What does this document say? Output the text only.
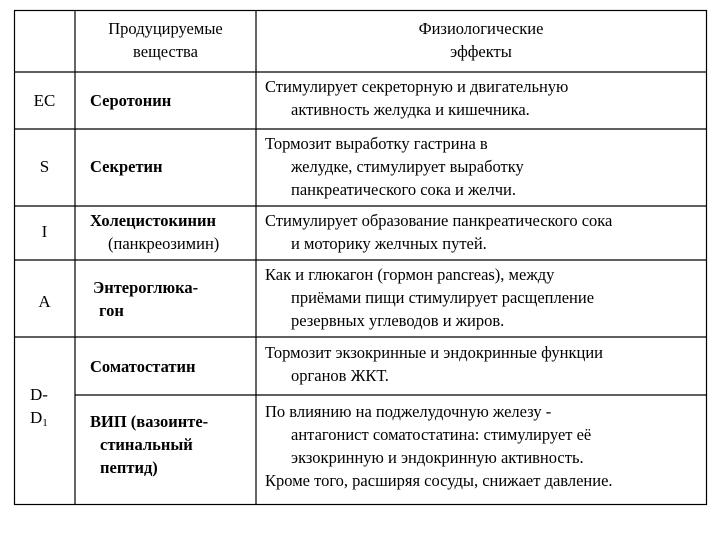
Продуцируемые
вещества
Физиологические
эффекты
EC	Серотонин
Стимулирует секреторную и двигательную
активность желудка и кишечника.
S	Секретин
Тормозит выработку гастрина в
желудке, стимулирует выработку
панкреатического сока и желчи.
I
Холецистокинин
(панкреозимин)
Стимулирует образование панкреатического сока
и моторику желчных путей.
A
Энтероглюка-
гон
Как и глюкагон (гормон pancreas), между
приёмами пищи стимулирует расщепление
резервных углеводов и жиров.
D-
$D_1$
Соматостатин
Тормозит экзокринные и эндокринные функции
органов ЖКТ.
ВИП (вазоинте-
стинальный
пептид)
По влиянию на поджелудочную железу -
антагонист соматостатина: стимулирует её
экзокринную и эндокринную активность.
Кроме того, расширяя сосуды, снижает давление.
